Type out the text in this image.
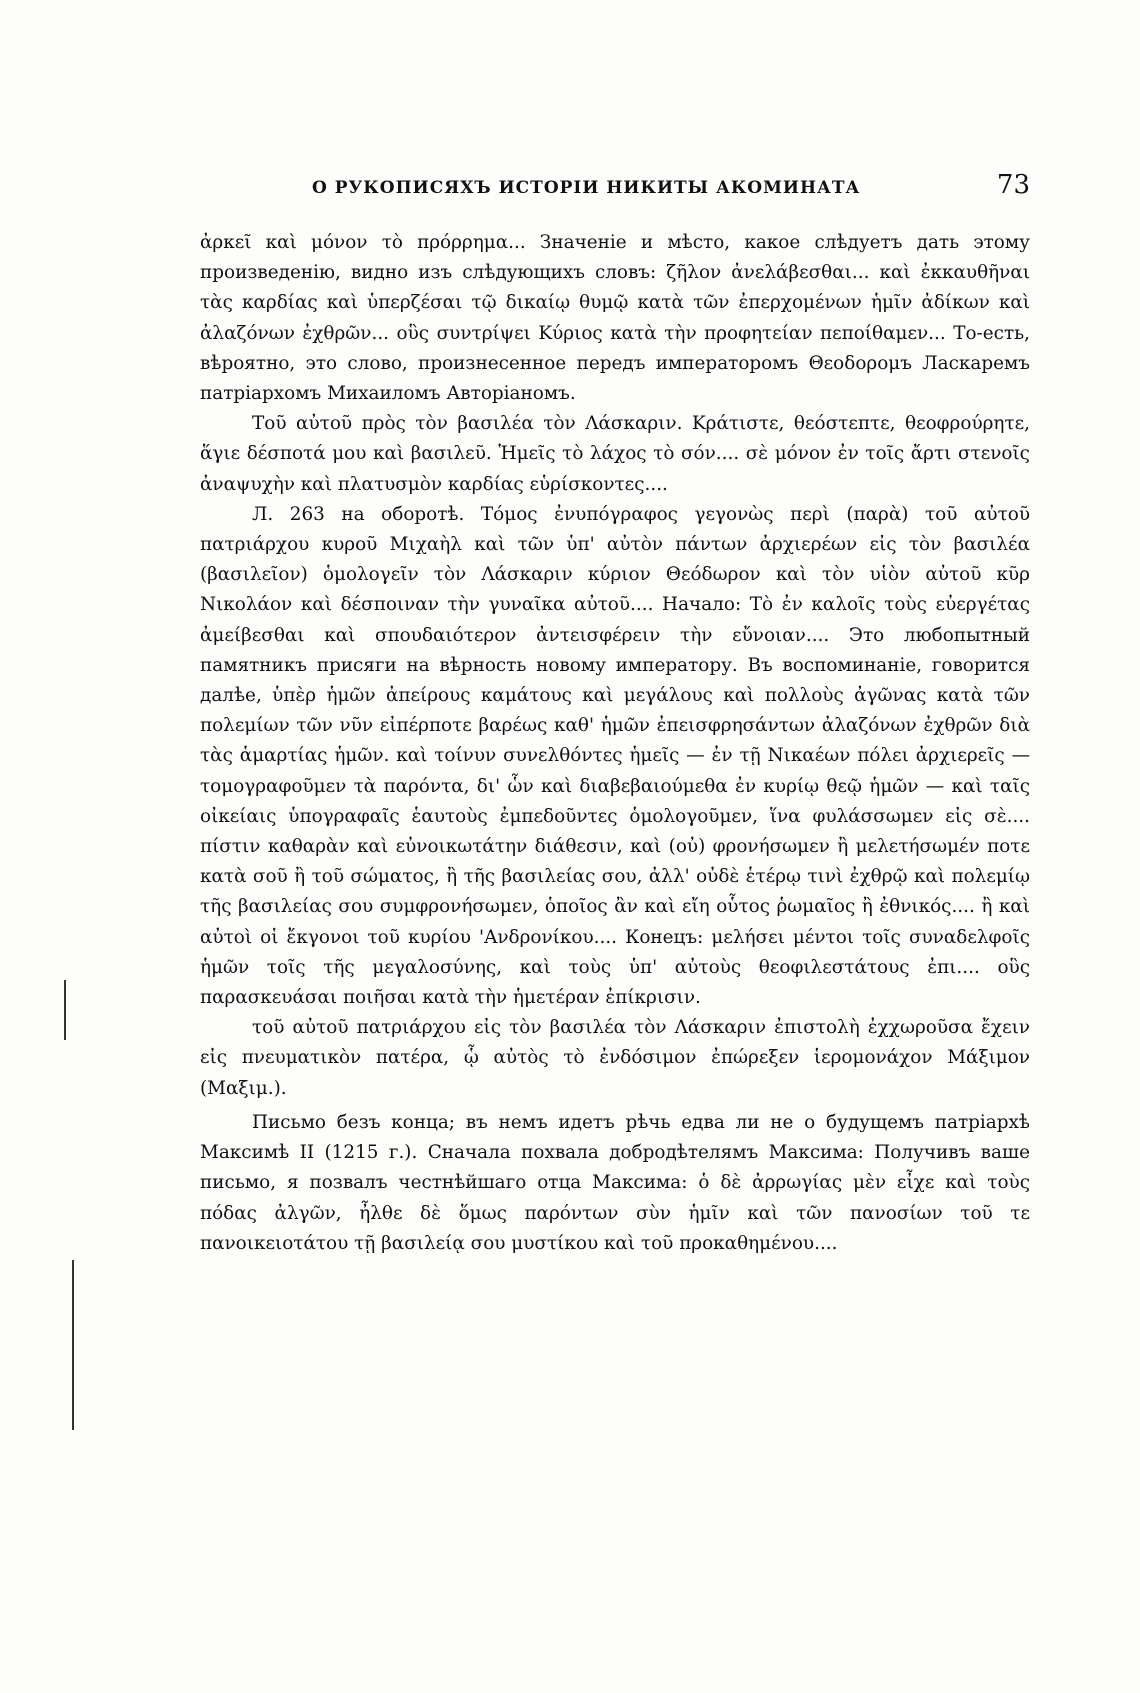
О РУКОПИСЯХЪ ИСТОРІИ НИКИТЫ АКОМИНАТА	73

ἀρκεῖ καὶ μόνον τὸ πρόρρημα... Значеніе и мѣсто, какое слѣдуетъ дать этому произведенію, видно изъ слѣдующихъ словъ: ζῆλον ἀνελάβεσθαι... καὶ ἐκκαυθῆναι τὰς καρδίας καὶ ὑπερζέσαι τῷ δικαίῳ θυμῷ κατὰ τῶν ἐπερχομένων ἡμῖν ἀδίκων καὶ ἀλαζόνων ἐχθρῶν... οὓς συντρίψει Κύριος κατὰ τὴν προφητείαν πεποίθαμεν... То-есть, вѣроятно, это слово, произнесенное передъ императоромъ Θεοδορομъ Ласкаремъ патріархомъ Михаиломъ Авторіаномъ.

Τοῦ αὐτοῦ πρὸς τὸν βασιλέα τὸν Λάσκαριν. Κράτιστε, θεόστεπτε, θεοφρούρητε, ἅγιε δέσποτά μου καὶ βασιλεῦ. Ἡμεῖς τὸ λάχος τὸ σόν.... σὲ μόνον ἐν τοῖς ἄρτι στενοῖς ἀναψυχὴν καὶ πλατυσμὸν καρδίας εὑρίσκοντες....

Л. 263 на оборотѣ. Τόμος ἐνυπόγραφος γεγονὼς περὶ (παρὰ) τοῦ αὐτοῦ πατριάρχου κυροῦ Μιχαὴλ καὶ τῶν ὑπ' αὐτὸν πάντων ἀρχιερέων εἰς τὸν βασιλέα (βασιλεῖον) ὁμολογεῖν τὸν Λάσκαριν κύριον Θεόδωρον καὶ τὸν υἱὸν αὐτοῦ κῦρ Νικολάον καὶ δέσποιναν τὴν γυναῖκα αὐτοῦ.... Начало: Τὸ ἐν καλοῖς τοὺς εὐεργέτας ἀμείβεσθαι καὶ σπουδαιότερον ἀντεισφέρειν τὴν εὔνοιαν.... Это любопытный памятникъ присяги на вѣрность новому императору. Въ воспоминаніе, говорится далѣе, ὑπὲρ ἡμῶν ἀπείρους καμάτους καὶ μεγάλους καὶ πολλοὺς ἀγῶνας κατὰ τῶν πολεμίων τῶν νῦν εἰπέρποτε βαρέως καθ' ἡμῶν ἐπεισφρησάντων ἀλαζόνων ἐχθρῶν διὰ τὰς ἁμαρτίας ἡμῶν. καὶ τοίνυν συνελθόντες ἡμεῖς — ἐν τῇ Νικαέων πόλει ἀρχιερεῖς — τομογραφοῦμεν τὰ παρόντα, δι' ὧν καὶ διαβεβαιούμεθα ἐν κυρίῳ θεῷ ἡμῶν — καὶ ταῖς οἰκείαις ὑπογραφαῖς ἑαυτοὺς ἐμπεδοῦντες ὁμολογοῦμεν, ἵνα φυλάσσωμεν εἰς σὲ.... πίστιν καθαρὰν καὶ εὐνοικωτάτην διάθεσιν, καὶ (οὐ) φρονήσωμεν ἢ μελετήσωμέν ποτε κατὰ σοῦ ἢ τοῦ σώματος, ἢ τῆς βασιλείας σου, ἀλλ' οὐδὲ ἑτέρῳ τινὶ ἐχθρῷ καὶ πολεμίῳ τῆς βασιλείας σου συμφρονήσωμεν, ὁποῖος ἂν καὶ εἴη οὗτος ῥωμαῖος ἢ ἐθνικός.... ἢ καὶ αὐτοὶ οἱ ἔκγονοι τοῦ κυρίου 'Ανδρονίκου.... Конецъ: μελήσει μέντοι τοῖς συναδελφοῖς ἡμῶν τοῖς τῆς μεγαλοσύνης, καὶ τοὺς ὑπ' αὐτοὺς θεοφιλεστάτους ἐπι.... οὓς παρασκευάσαι ποιῆσαι κατὰ τὴν ἡμετέραν ἐπίκρισιν.

τοῦ αὐτοῦ πατριάρχου εἰς τὸν βασιλέα τὸν Λάσκαριν ἐπιστολὴ ἐχχωροῦσα ἔχειν εἰς πνευματικὸν πατέρα, ᾧ αὐτὸς τὸ ἐνδόσιμον ἐπώρεξεν ἱερομονάχον Μάξιμον (Μαξιμ.).

Письмо безъ конца; въ немъ идетъ рѣчь едва ли не о будущемъ патріархѣ Максимѣ II (1215 г.). Сначала похвала добродѣтелямъ Максима: Получивъ ваше письмо, я позвалъ честнѣйшаго отца Максима: ὁ δὲ ἀρρωγίας μὲν εἶχε καὶ τοὺς πόδας ἀλγῶν, ἦλθε δὲ ὅμως παρόντων σὺν ἡμῖν καὶ τῶν πανοσίων τοῦ τε πανοικειοτάτου τῇ βασιλείᾳ σου μυστίκου καὶ τοῦ προκαθημένου....
